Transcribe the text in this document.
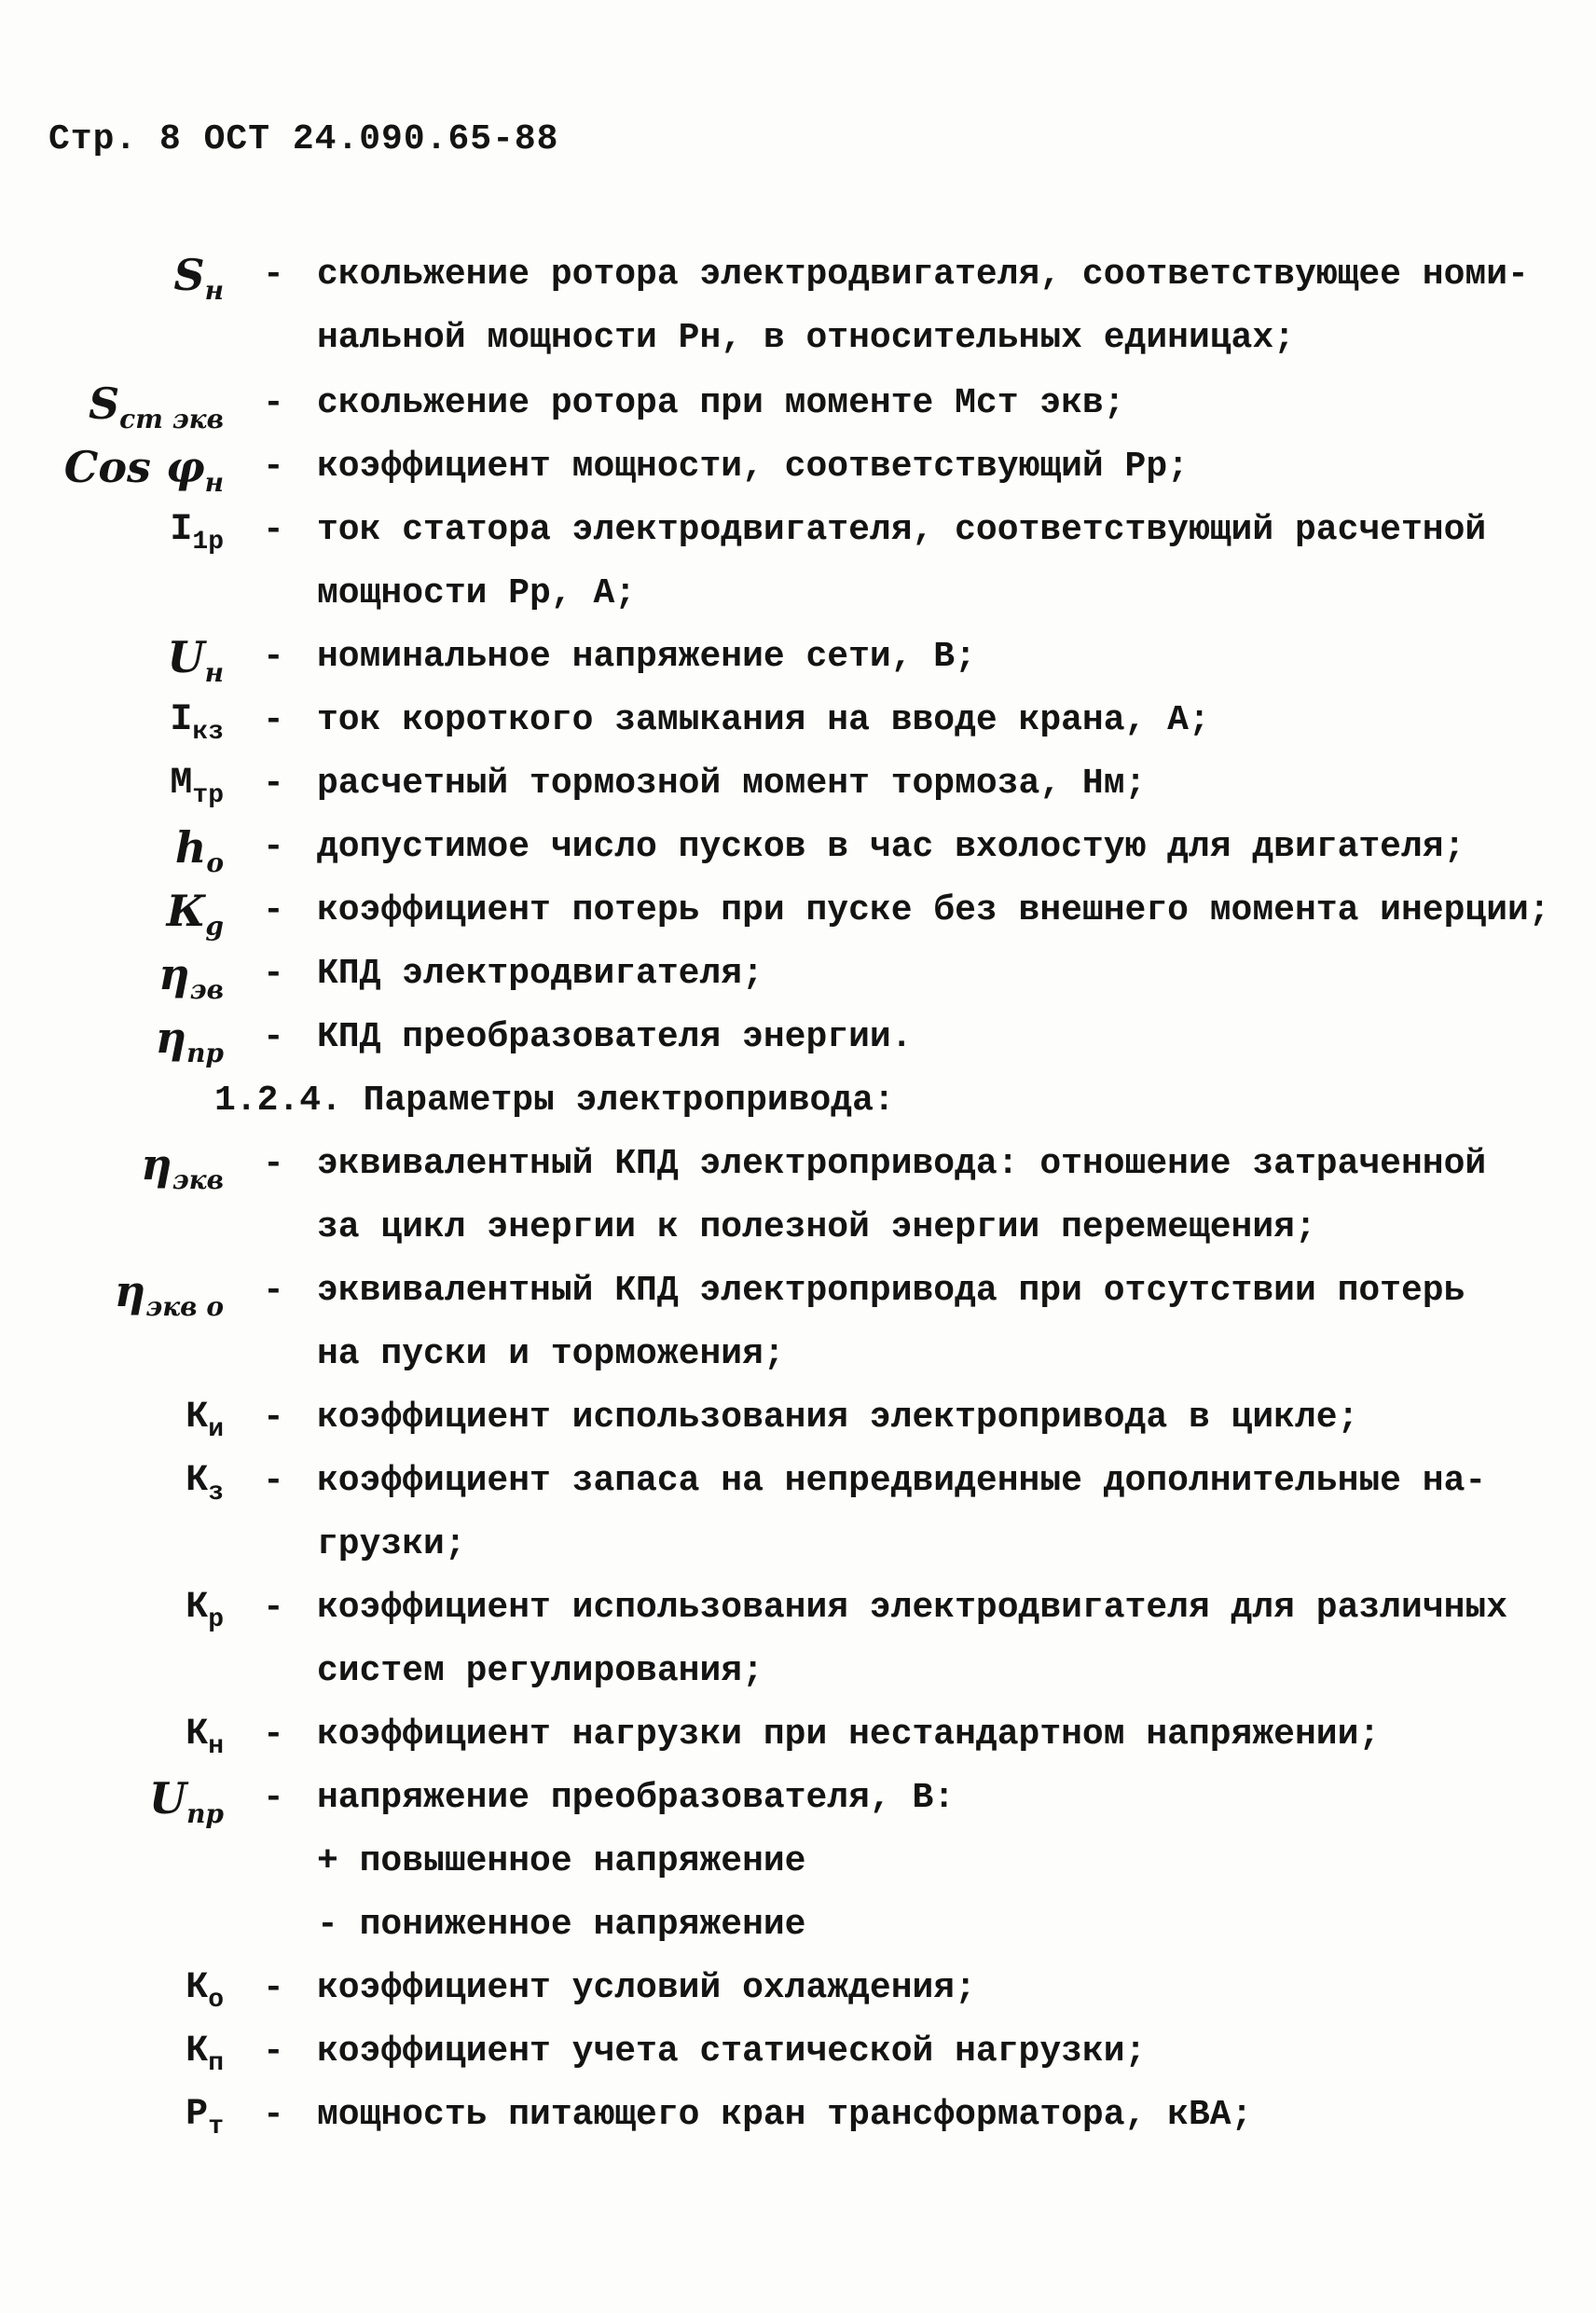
Стр. 8 ОСТ 24.090.65-88
$S_н$ - скольжение ротора электродвигателя, соответствующее номи-
нальной мощности Pн, в относительных единицах;
$S_{ст экв}$ - скольжение ротора при моменте Мст экв;
Cos $\varphi_н$ - коэффициент мощности, соответствующий Pр;
$I_{1р}$ - ток статора электродвигателя, соответствующий расчетной
мощности Pр, А;
$U_н$ - номинальное напряжение сети, В;
$I_{кз}$ - ток короткого замыкания на вводе крана, А;
$М_{тр}$ - расчетный тормозной момент тормоза, Нм;
$h_о$ - допустимое число пусков в час вхолостую для двигателя;
$К_g$ - коэффициент потерь при пуске без внешнего момента инерции;
$\eta_{эв}$ - КПД электродвигателя;
$\eta_{пр}$ - КПД преобразователя энергии.
1.2.4. Параметры электропривода:
$\eta_{экв}$ - эквивалентный КПД электропривода: отношение затраченной
за цикл энергии к полезной энергии перемещения;
$\eta_{экв о}$ - эквивалентный КПД электропривода при отсутствии потерь
на пуски и торможения;
$К_и$ - коэффициент использования электропривода в цикле;
$К_з$ - коэффициент запаса на непредвиденные дополнительные на-
грузки;
$К_р$ - коэффициент использования электродвигателя для различных
систем регулирования;
$К_н$ - коэффициент нагрузки при нестандартном напряжении;
$U_{пр}$ - напряжение преобразователя, В:
+ повышенное напряжение
- пониженное напряжение
$К_о$ - коэффициент условий охлаждения;
$К_п$ - коэффициент учета статической нагрузки;
$P_т$ - мощность питающего кран трансформатора, кВА;
